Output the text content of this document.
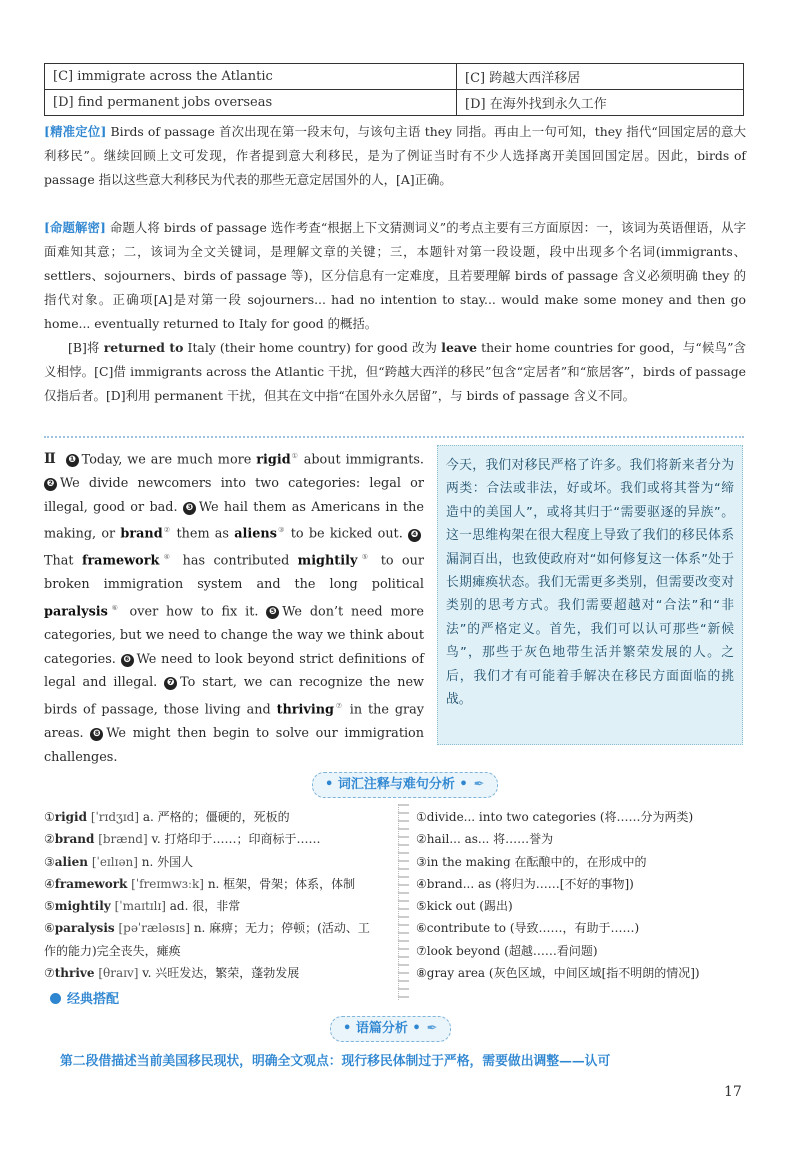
[C] immigrate across the Atlantic	[C] 跨越大西洋移居
[D] find permanent jobs overseas	[D] 在海外找到永久工作
[精准定位] Birds of passage 首次出现在第一段末句，与该句主语 they 同指。再由上一句可知，they 指代“回国定居的意大利移民”。继续回顾上文可发现，作者提到意大利移民，是为了例证当时有不少人选择离开美国回国定居。因此，birds of passage 指以这些意大利移民为代表的那些无意定居国外的人，[A]正确。
[命题解密] 命题人将 birds of passage 选作考查“根据上下文猜测词义”的考点主要有三方面原因：一，该词为英语俚语，从字面难知其意；二，该词为全文关键词，是理解文章的关键；三，本题针对第一段设题，段中出现多个名词(immigrants、settlers、sojourners、birds of passage 等)，区分信息有一定难度，且若要理解 birds of passage 含义必须明确 they 的指代对象。正确项[A]是对第一段 sojourners... had no intention to stay... would make some money and then go home... eventually returned to Italy for good 的概括。
[B]将 returned to Italy (their home country) for good 改为 leave their home countries for good，与“候鸟”含义相悖。[C]借 immigrants across the Atlantic 干扰，但“跨越大西洋的移民”包含“定居者”和“旅居客”，birds of passage 仅指后者。[D]利用 permanent 干扰，但其在文中指“在国外永久居留”，与 birds of passage 含义不同。
Ⅱ ❶ Today, we are much more rigid① about immigrants. ❷ We divide newcomers into two categories: legal or illegal, good or bad. ❸ We hail them as Americans in the making, or brand② them as aliens③ to be kicked out. ❹That framework④ has contributed mightily⑤ to our broken immigration system and the long political paralysis⑥ over how to fix it. ❺ We don’t need more categories, but we need to change the way we think about categories. ❻ We need to look beyond strict definitions of legal and illegal. ❼ To start, we can recognize the new birds of passage, those living and thriving⑦ in the gray areas. ❽ We might then begin to solve our immigration challenges.
今天，我们对移民严格了许多。我们将新来者分为两类：合法或非法，好或坏。我们或将其誉为“缔造中的美国人”，或将其归于“需要驱逐的异族”。这一思维构架在很大程度上导致了我们的移民体系漏洞百出，也致使政府对“如何修复这一体系”处于长期瘫痪状态。我们无需更多类别，但需要改变对类别的思考方式。我们需要超越对“合法”和“非法”的严格定义。首先，我们可以认可那些“新候鸟”，那些于灰色地带生活并繁荣发展的人。之后，我们才有可能着手解决在移民方面面临的挑战。
• 词汇注释与难句分析 • ✒
①rigid [ˈrɪdʒɪd] a. 严格的；僵硬的，死板的
②brand [brænd] v. 打烙印于……；印商标于……
③alien [ˈeɪlɪən] n. 外国人
④framework [ˈfreɪmwɜːk] n. 框架，骨架；体系，体制
⑤mightily [ˈmaɪtɪlɪ] ad. 很，非常
⑥paralysis [pəˈræləsɪs] n. 麻痹；无力；停顿；(活动、工
作的能力)完全丧失，瘫痪
⑦thrive [θraɪv] v. 兴旺发达，繁荣，蓬勃发展
①divide... into two categories (将……分为两类)
②hail... as... 将……誉为
③in the making 在酝酿中的，在形成中的
④brand... as (将归为……[不好的事物])
⑤kick out (踢出)
⑥contribute to (导致……，有助于……)
⑦look beyond (超越……看问题)
⑧gray area (灰色区域，中间区域[指不明朗的情况])
经典搭配
• 语篇分析 • ✒
第二段借描述当前美国移民现状，明确全文观点：现行移民体制过于严格，需要做出调整——认可
17
